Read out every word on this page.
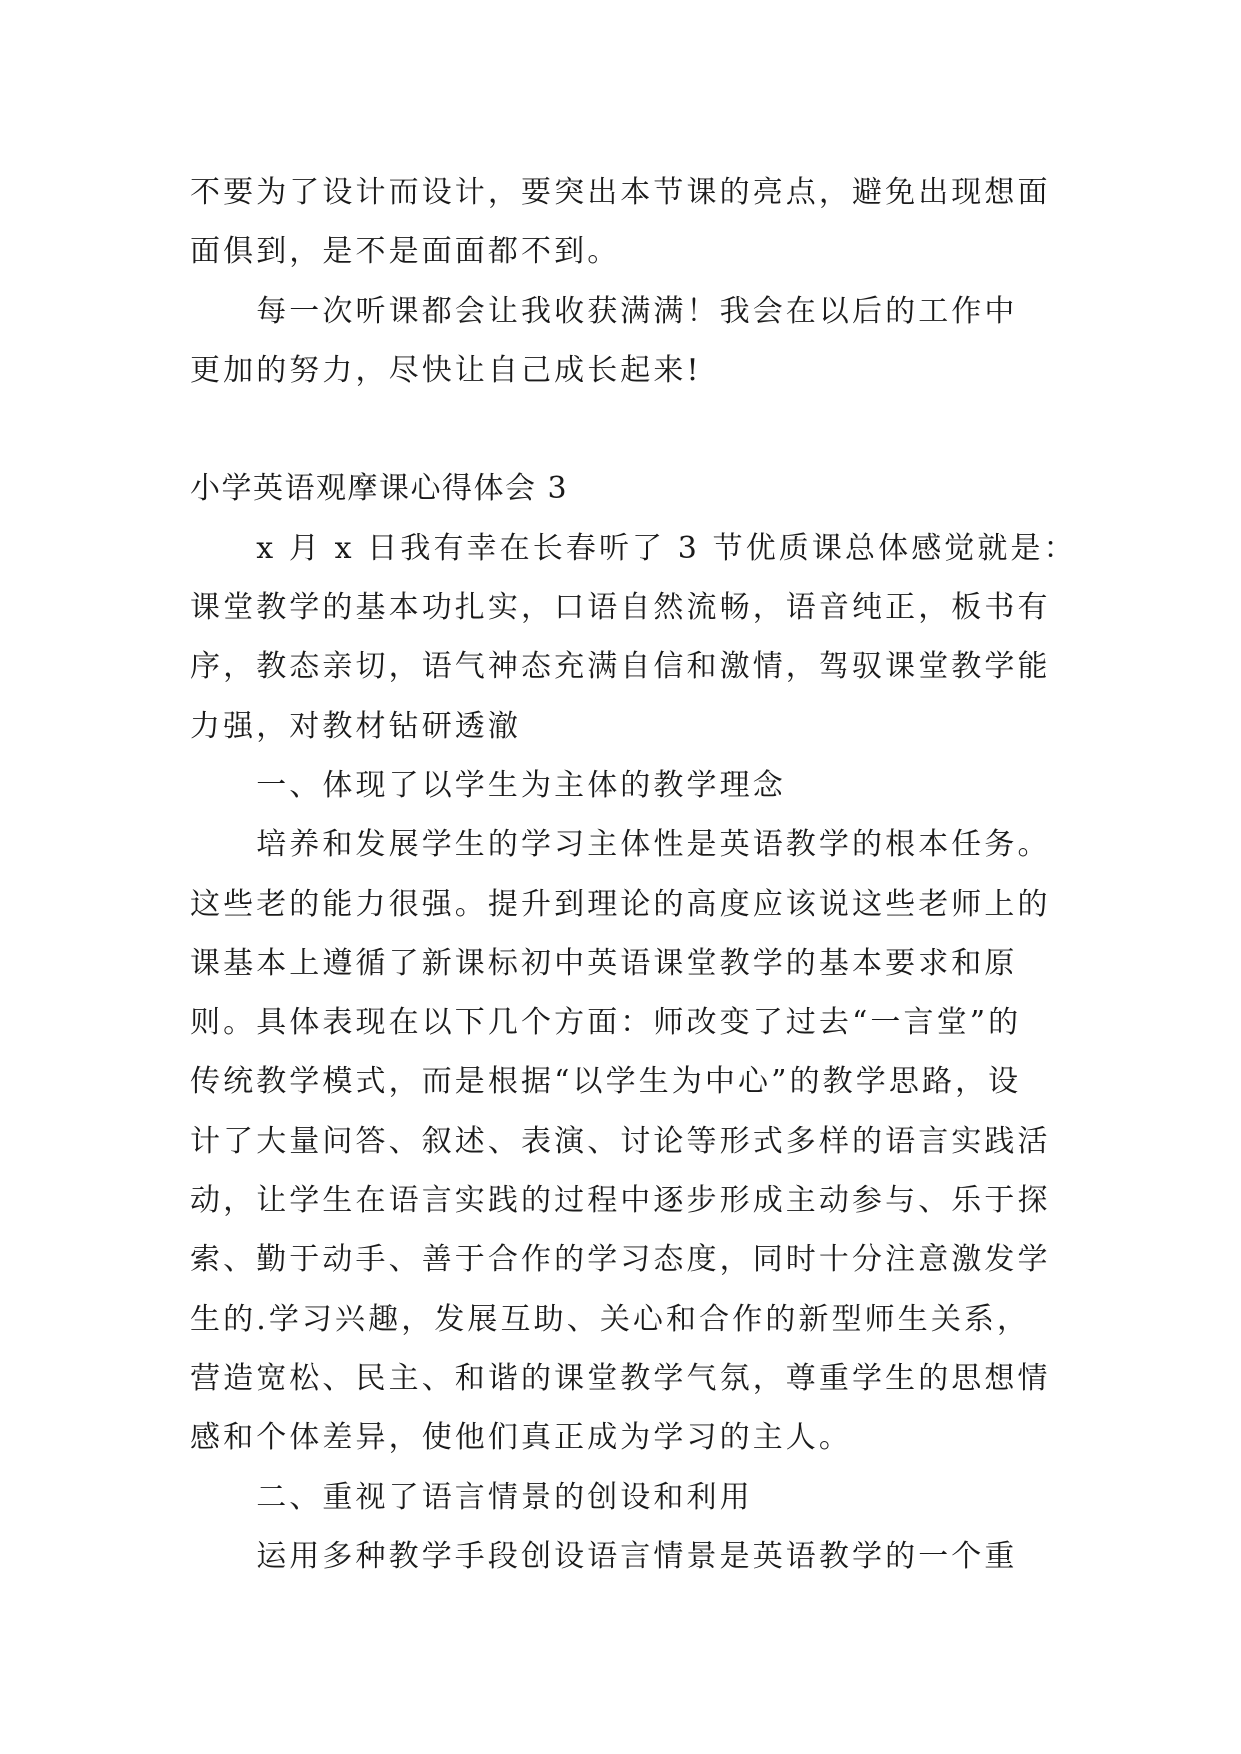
不要为了设计而设计，要突出本节课的亮点，避免出现想面

面俱到，是不是面面都不到。

　　每一次听课都会让我收获满满！我会在以后的工作中

更加的努力，尽快让自己成长起来!

小学英语观摩课心得体会 3

　　x 月 x 日我有幸在长春听了 3 节优质课总体感觉就是：

课堂教学的基本功扎实，口语自然流畅，语音纯正，板书有

序，教态亲切，语气神态充满自信和激情，驾驭课堂教学能

力强，对教材钻研透澈

　　一、体现了以学生为主体的教学理念

　　培养和发展学生的学习主体性是英语教学的根本任务。

这些老的能力很强。提升到理论的高度应该说这些老师上的

课基本上遵循了新课标初中英语课堂教学的基本要求和原

则。具体表现在以下几个方面：师改变了过去“一言堂”的

传统教学模式，而是根据“以学生为中心”的教学思路，设

计了大量问答、叙述、表演、讨论等形式多样的语言实践活

动，让学生在语言实践的过程中逐步形成主动参与、乐于探

索、勤于动手、善于合作的学习态度，同时十分注意激发学

生的.学习兴趣，发展互助、关心和合作的新型师生关系，

营造宽松、民主、和谐的课堂教学气氛，尊重学生的思想情

感和个体差异，使他们真正成为学习的主人。

　　二、重视了语言情景的创设和利用

　　运用多种教学手段创设语言情景是英语教学的一个重
